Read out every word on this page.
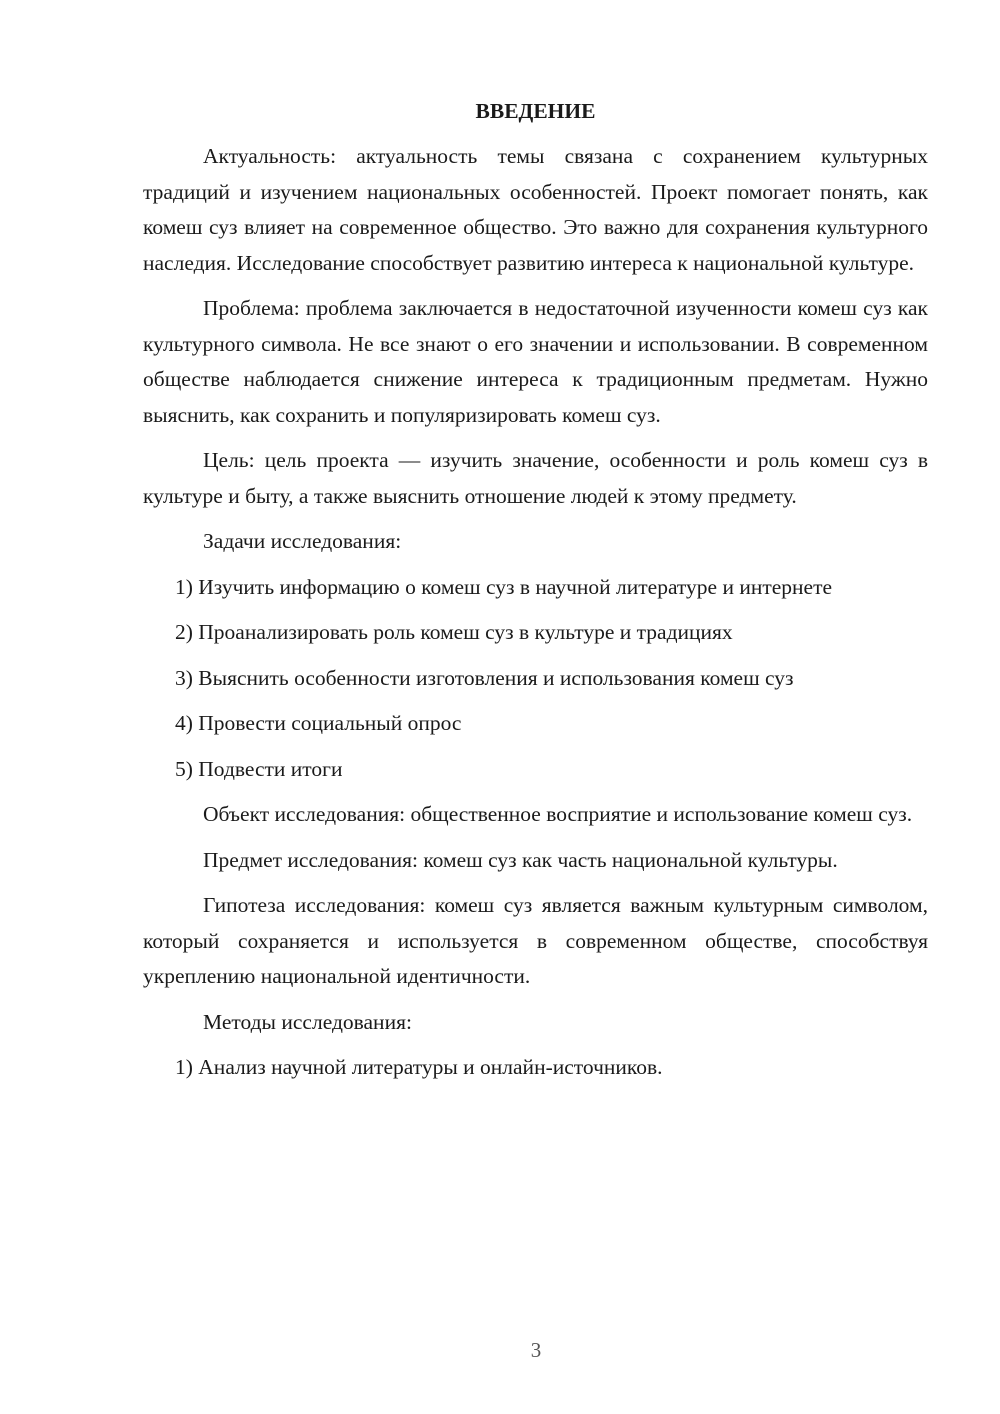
ВВЕДЕНИЕ

Актуальность: актуальность темы связана с сохранением культурных традиций и изучением национальных особенностей. Проект помогает понять, как комеш суз влияет на современное общество. Это важно для сохранения культурного наследия. Исследование способствует развитию интереса к национальной культуре.

Проблема: проблема заключается в недостаточной изученности комеш суз как культурного символа. Не все знают о его значении и использовании. В современном обществе наблюдается снижение интереса к традиционным предметам. Нужно выяснить, как сохранить и популяризировать комеш суз.

Цель: цель проекта — изучить значение, особенности и роль комеш суз в культуре и быту, а также выяснить отношение людей к этому предмету.

Задачи исследования:

1) Изучить информацию о комеш суз в научной литературе и интернете

2) Проанализировать роль комеш суз в культуре и традициях

3) Выяснить особенности изготовления и использования комеш суз

4) Провести социальный опрос

5) Подвести итоги

Объект исследования: общественное восприятие и использование комеш суз.

Предмет исследования: комеш суз как часть национальной культуры.

Гипотеза исследования: комеш суз является важным культурным символом, который сохраняется и используется в современном обществе, способствуя укреплению национальной идентичности.

Методы исследования:

1) Анализ научной литературы и онлайн-источников.

3
